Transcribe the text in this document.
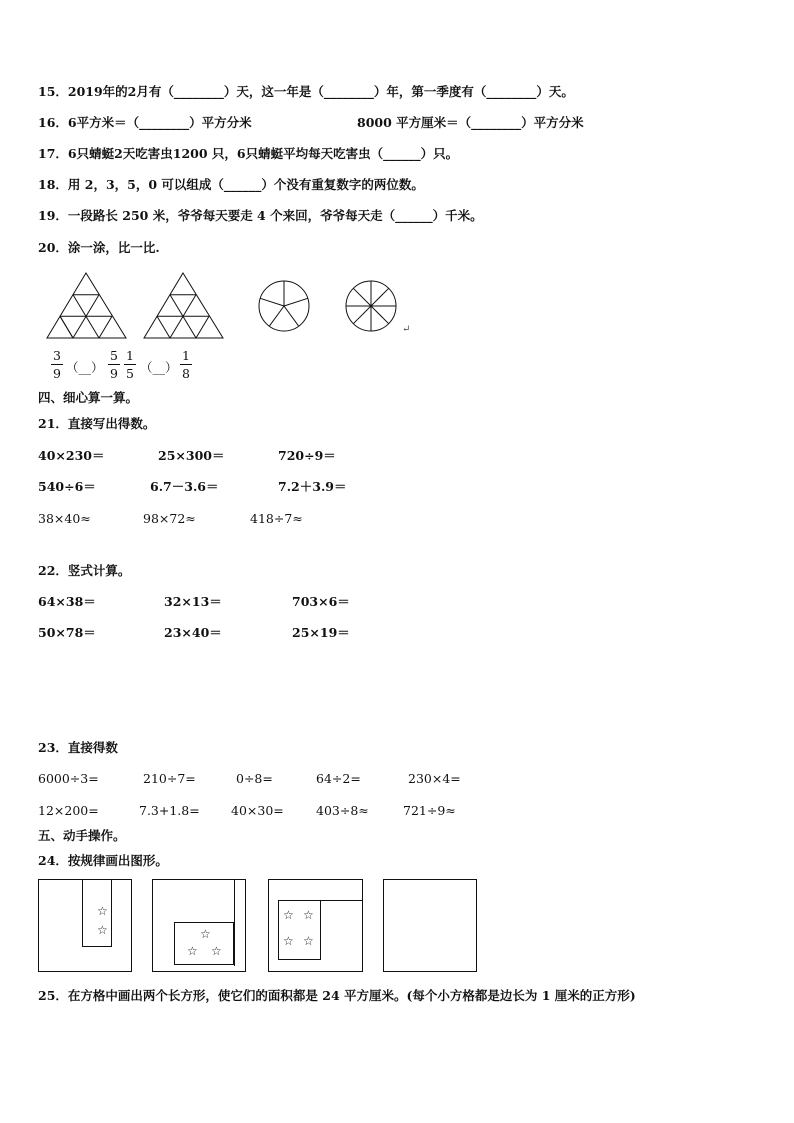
15．2019年的2月有（________）天，这一年是（________）年，第一季度有（________）天。
16．6平方米＝（________）平方分米	8000 平方厘米＝（________）平方分米
17．6只蜻蜓2天吃害虫1200 只，6只蜻蜓平均每天吃害虫（______）只。
18．用 2，3，5，0 可以组成（______）个没有重复数字的两位数。
19．一段路长 250 米，爷爷每天要走 4 个来回，爷爷每天走（______）千米。
20．涂一涂，比一比.
↵
3
9 （__）
5
9
1
5 （__）
1
8
四、细心算一算。
21．直接写出得数。
40×230＝	25×300＝	720÷9＝
540÷6＝	6.7－3.6＝	7.2＋3.9＝
38×40≈	98×72≈	418÷7≈
22．竖式计算。
64×38＝	32×13＝	703×6＝
50×78＝	23×40＝	25×19＝
23．直接得数
6000÷3=	210÷7=	0÷8=	64÷2=	230×4=
12×200=	7.3+1.8=	40×30=	403÷8≈	721÷9≈
五、动手操作。
24．按规律画出图形。
☆
☆	☆
☆ ☆
☆ ☆
☆ ☆
25．在方格中画出两个长方形，使它们的面积都是 24 平方厘米。(每个小方格都是边长为 1 厘米的正方形)
